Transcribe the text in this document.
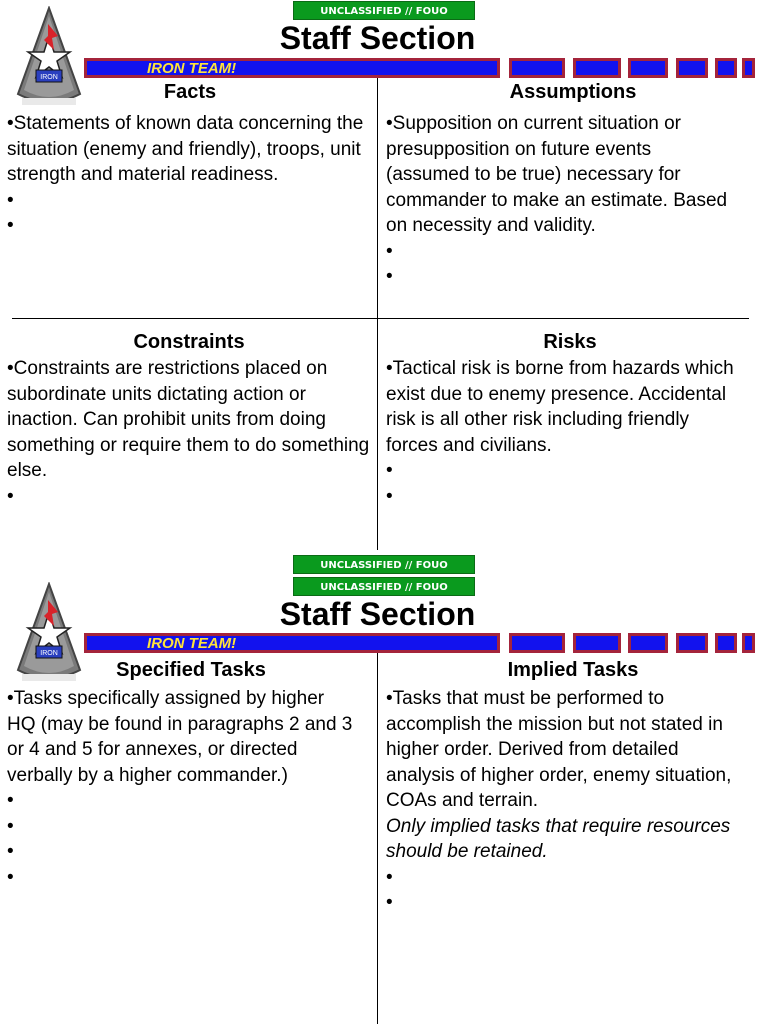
UNCLASSIFIED // FOUO
Staff Section
IRON
IRON TEAM!
Facts

•Statements of known data concerning the situation (enemy and friendly), troops, unit strength and material readiness.

•

•

Assumptions

•Supposition on current situation or presupposition on future events (assumed to be true) necessary for commander to make an estimate. Based on necessity and validity.

•

•

Constraints

•Constraints are restrictions placed on subordinate units dictating action or inaction. Can prohibit units from doing something or require them to do something else.

•

Risks

•Tactical risk is borne from hazards which exist due to enemy presence. Accidental risk is all other risk including friendly forces and civilians.

•

•

UNCLASSIFIED // FOUO
UNCLASSIFIED // FOUO
Staff Section
IRON
IRON TEAM!
Specified Tasks

•Tasks specifically assigned by higher HQ (may be found in paragraphs 2 and 3 or 4 and 5 for annexes, or directed verbally by a higher commander.)

•

•

•

•

Implied Tasks

•Tasks that must be performed to accomplish the mission but not stated in higher order. Derived from detailed analysis of higher order, enemy situation, COAs and terrain.

Only implied tasks that require resources should be retained.

•

•
